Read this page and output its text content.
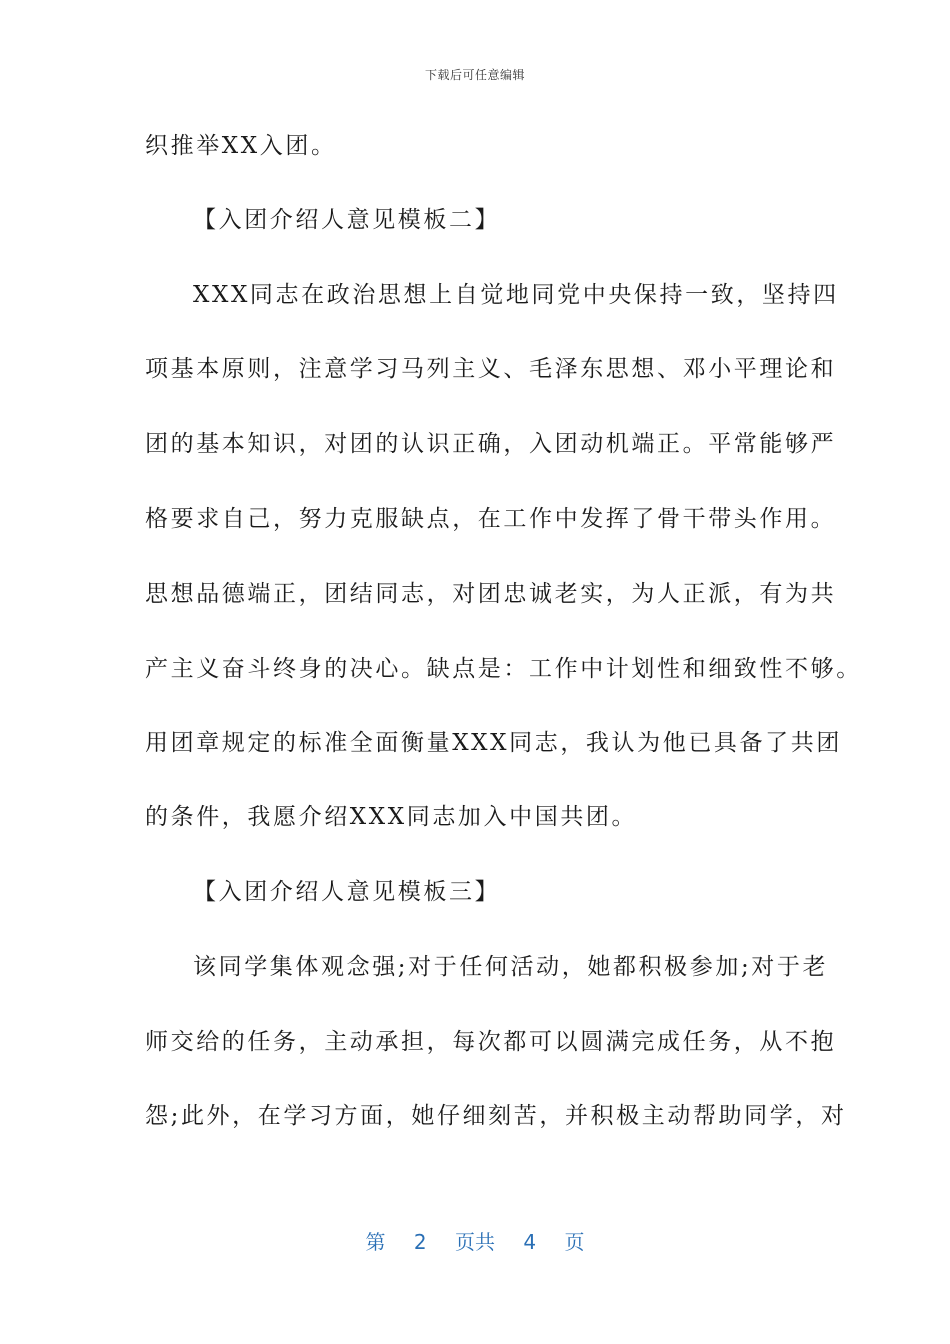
下载后可任意编辑
织推举XX入团。
【入团介绍人意见模板二】
XXX同志在政治思想上自觉地同党中央保持一致，坚持四
项基本原则，注意学习马列主义、毛泽东思想、邓小平理论和
团的基本知识，对团的认识正确，入团动机端正。平常能够严
格要求自己，努力克服缺点，在工作中发挥了骨干带头作用。
思想品德端正，团结同志，对团忠诚老实，为人正派，有为共
产主义奋斗终身的决心。缺点是：工作中计划性和细致性不够。
用团章规定的标准全面衡量XXX同志，我认为他已具备了共团
的条件，我愿介绍XXX同志加入中国共团。
【入团介绍人意见模板三】
该同学集体观念强;对于任何活动，她都积极参加;对于老
师交给的任务，主动承担，每次都可以圆满完成任务，从不抱
怨;此外，在学习方面，她仔细刻苦，并积极主动帮助同学，对
第 2 页共 4 页
